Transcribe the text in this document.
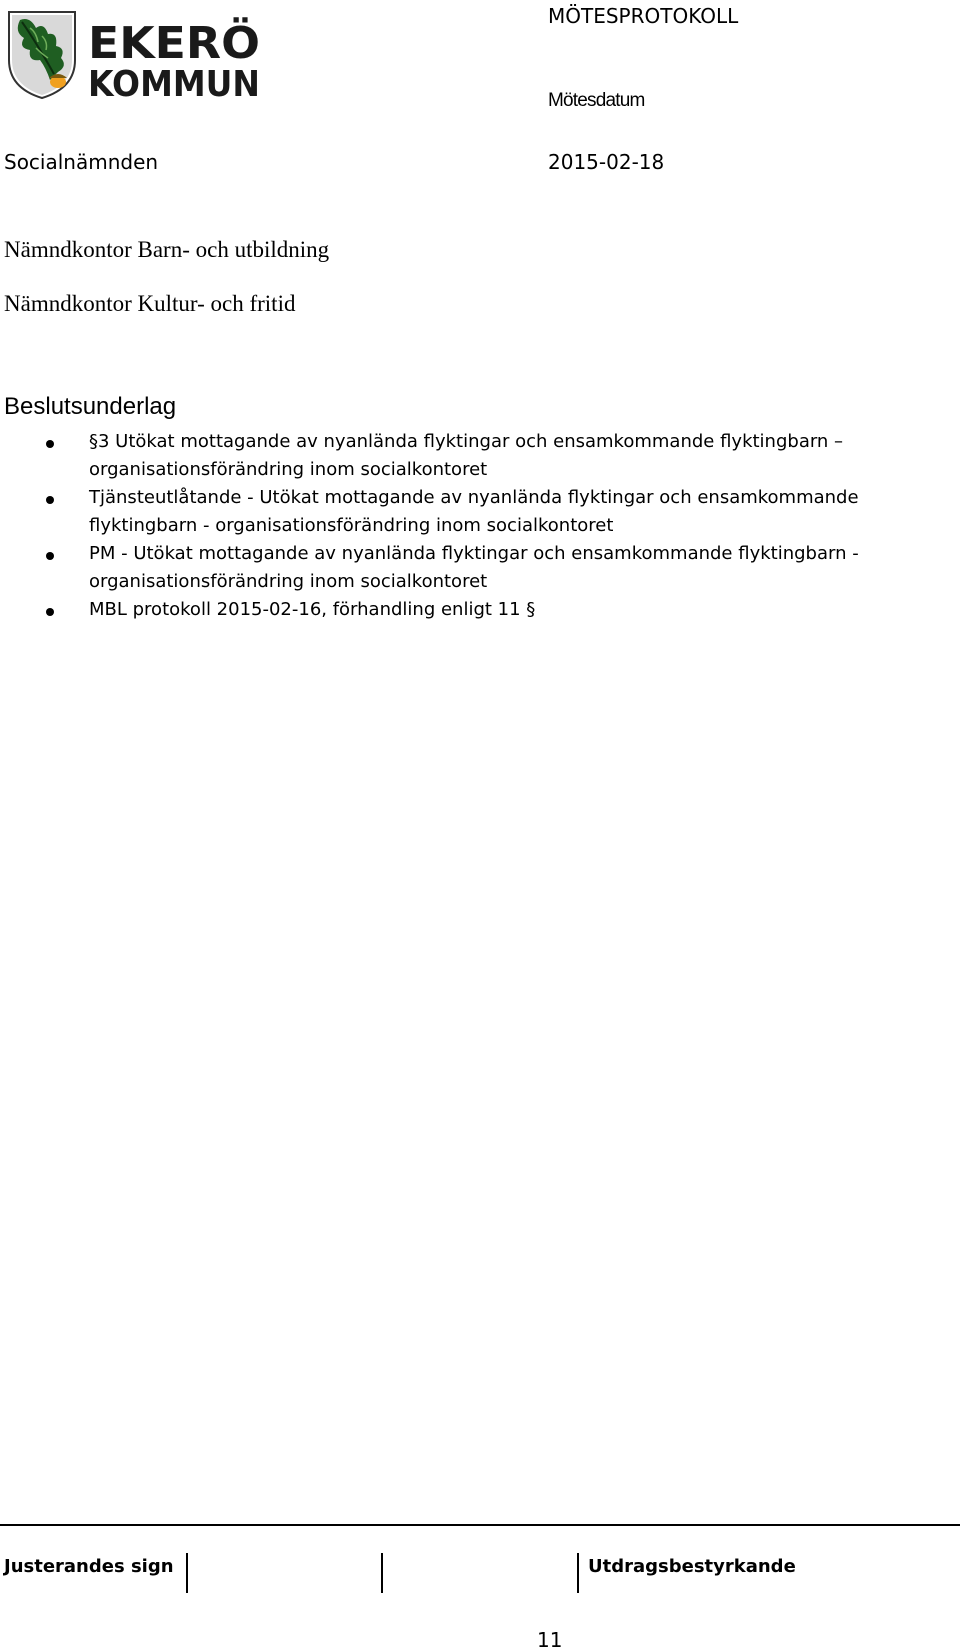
EKERÖ
KOMMUN
MÖTESPROTOKOLL
Mötesdatum
Socialnämnden	2015-02-18
Nämndkontor Barn- och utbildning
Nämndkontor Kultur- och fritid
Beslutsunderlag
§3 Utökat mottagande av nyanlända flyktingar och ensamkommande flyktingbarn – organisationsförändring inom socialkontoret
Tjänsteutlåtande - Utökat mottagande av nyanlända flyktingar och ensamkommande flyktingbarn - organisationsförändring inom socialkontoret
PM - Utökat mottagande av nyanlända flyktingar och ensamkommande flyktingbarn - organisationsförändring inom socialkontoret
MBL protokoll 2015-02-16, förhandling enligt 11 §
Justerandes sign	Utdragsbestyrkande
11
